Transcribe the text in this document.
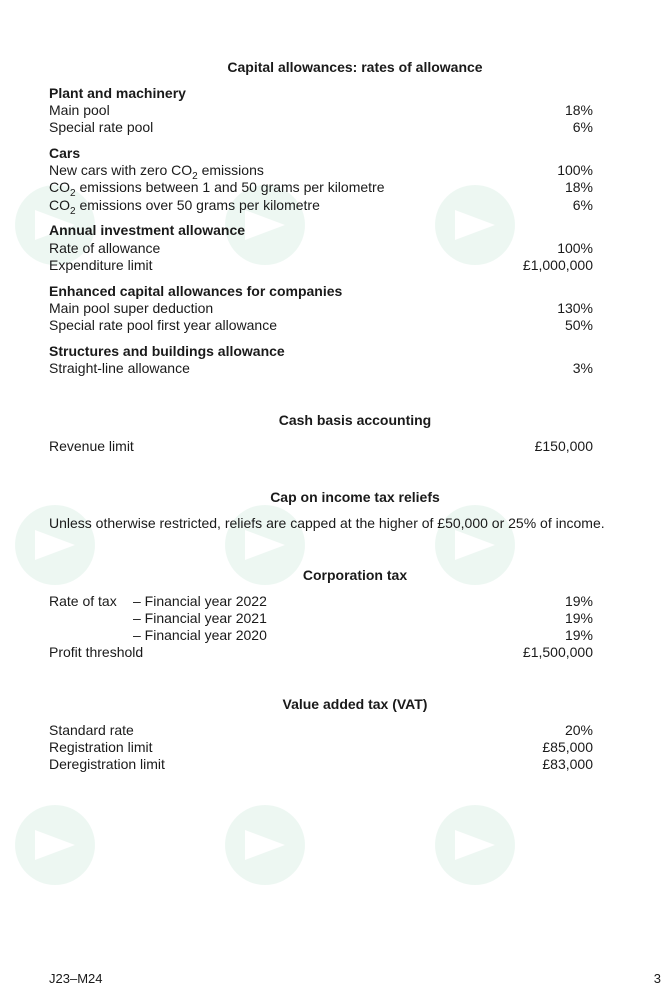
Capital allowances: rates of allowance
Plant and machinery
Main pool	18%
Special rate pool	6%
Cars
New cars with zero $CO_2$ emissions	100%
$CO_2$ emissions between 1 and 50 grams per kilometre	18%
$CO_2$ emissions over 50 grams per kilometre	6%
Annual investment allowance
Rate of allowance	100%
Expenditure limit	£1,000,000
Enhanced capital allowances for companies
Main pool super deduction	130%
Special rate pool first year allowance	50%
Structures and buildings allowance
Straight-line allowance	3%
Cash basis accounting
Revenue limit	£150,000
Cap on income tax reliefs
Unless otherwise restricted, reliefs are capped at the higher of £50,000 or 25% of income.
Corporation tax
Rate of tax – Financial year 2022	19%
– Financial year 2021	19%
– Financial year 2020	19%
Profit threshold	£1,500,000
Value added tax (VAT)
Standard rate	20%
Registration limit	£85,000
Deregistration limit	£83,000
J23–M24	3
